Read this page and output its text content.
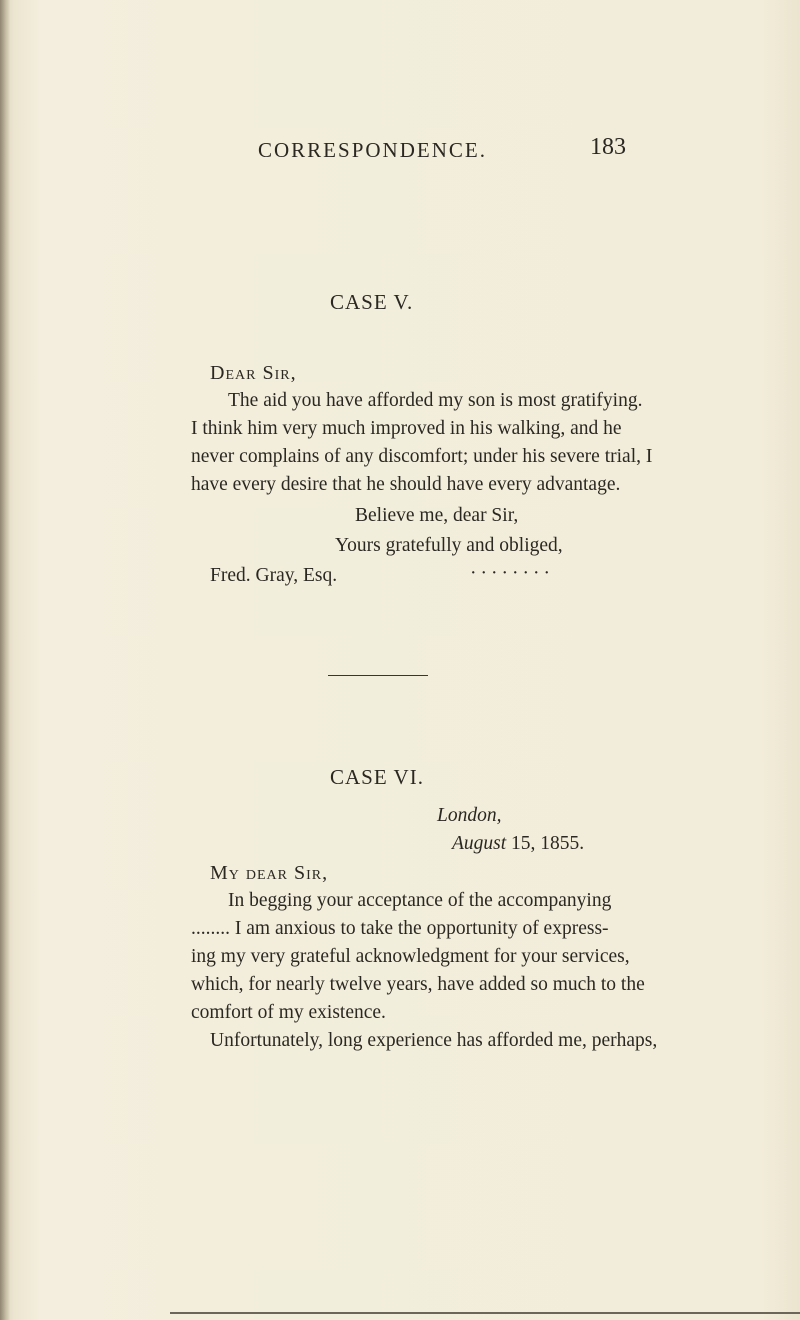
CORRESPONDENCE.	183
CASE V.
Dear Sir,
The aid you have afforded my son is most gratifying.
I think him very much improved in his walking, and he
never complains of any discomfort; under his severe trial, I
have every desire that he should have every advantage.
Believe me, dear Sir,
Yours gratefully and obliged,
Fred. Gray, Esq.	········
CASE VI.
London,
August 15, 1855.
My dear Sir,
In begging your acceptance of the accompanying
........ I am anxious to take the opportunity of express-
ing my very grateful acknowledgment for your services,
which, for nearly twelve years, have added so much to the
comfort of my existence.
Unfortunately, long experience has afforded me, perhaps,
